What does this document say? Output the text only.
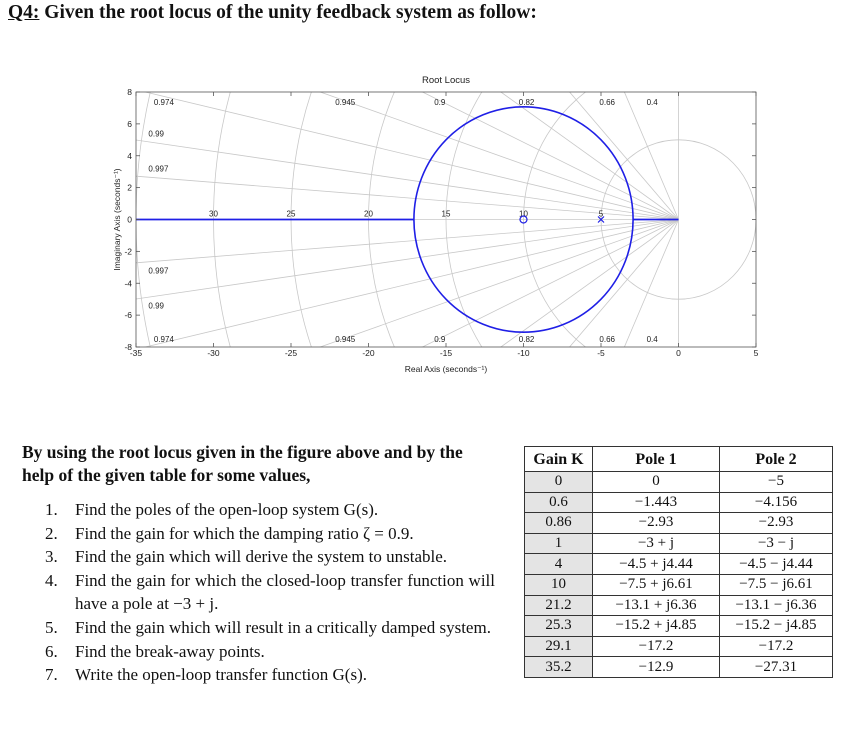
Q4: Given the root locus of the unity feedback system as follow:
-35	-30	-25	-20	-15	-10	-5	0	5
-8
-6
-4
-2
0
2
4
6
8
0.974	0.945	0.9	0.82	0.66	0.4
0.974	0.945	0.9	0.82	0.66	0.4
0.99
0.997
0.997
0.99
30	25	20	15	10	5
Root Locus
Real Axis (seconds⁻¹)
Imaginary Axis (seconds⁻¹)
By using the root locus given in the figure above and by the help of the given table for some values,
1.	Find the poles of the open-loop system G(s).
2.	Find the gain for which the damping ratio ζ = 0.9.
3.	Find the gain which will derive the system to unstable.
4.	Find the gain for which the closed-loop transfer function will have a pole at −3 + j.
5.	Find the gain which will result in a critically damped system.
6.	Find the break-away points.
7.	Write the open-loop transfer function G(s).
Gain K	Pole 1	Pole 2
0	0	−5
0.6	−1.443	−4.156
0.86	−2.93	−2.93
1	−3 + j	−3 − j
4	−4.5 + j4.44	−4.5 − j4.44
10	−7.5 + j6.61	−7.5 − j6.61
21.2	−13.1 + j6.36	−13.1 − j6.36
25.3	−15.2 + j4.85	−15.2 − j4.85
29.1	−17.2	−17.2
35.2	−12.9	−27.31
